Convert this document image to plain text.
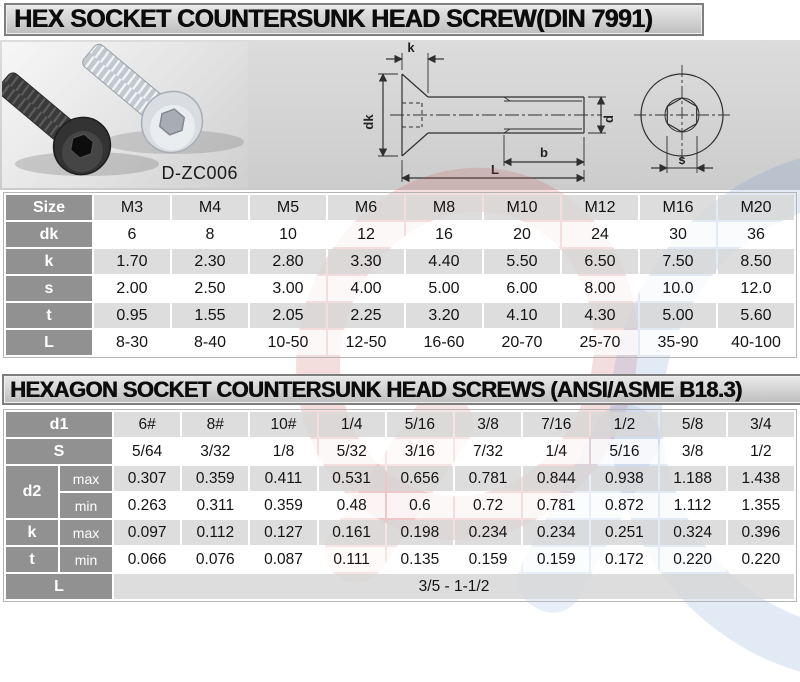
HEX SOCKET COUNTERSUNK HEAD SCREW(DIN 7991)
D-ZC006
k
dk	d
b
L
s
Size	M3	M4	M5	M6	M8	M10	M12	M16	M20
dk	6	8	10	12	16	20	24	30	36
k	1.70	2.30	2.80	3.30	4.40	5.50	6.50	7.50	8.50
s	2.00	2.50	3.00	4.00	5.00	6.00	8.00	10.0	12.0
t	0.95	1.55	2.05	2.25	3.20	4.10	4.30	5.00	5.60
L	8-30	8-40	10-50	12-50	16-60	20-70	25-70	35-90	40-100
HEXAGON SOCKET COUNTERSUNK HEAD SCREWS (ANSI/ASME B18.3)
d1		6#	8#	10#	1/4	5/16	3/8	7/16	1/2	5/8	3/4
S		5/64	3/32	1/8	5/32	3/16	7/32	1/4	5/16	3/8	1/2
d2	max	0.307	0.359	0.411	0.531	0.656	0.781	0.844	0.938	1.188	1.438
	min	0.263	0.311	0.359	0.48	0.6	0.72	0.781	0.872	1.112	1.355
k	max	0.097	0.112	0.127	0.161	0.198	0.234	0.234	0.251	0.324	0.396
t	min	0.066	0.076	0.087	0.111	0.135	0.159	0.159	0.172	0.220	0.220
L		3/5 - 1-1/2									
